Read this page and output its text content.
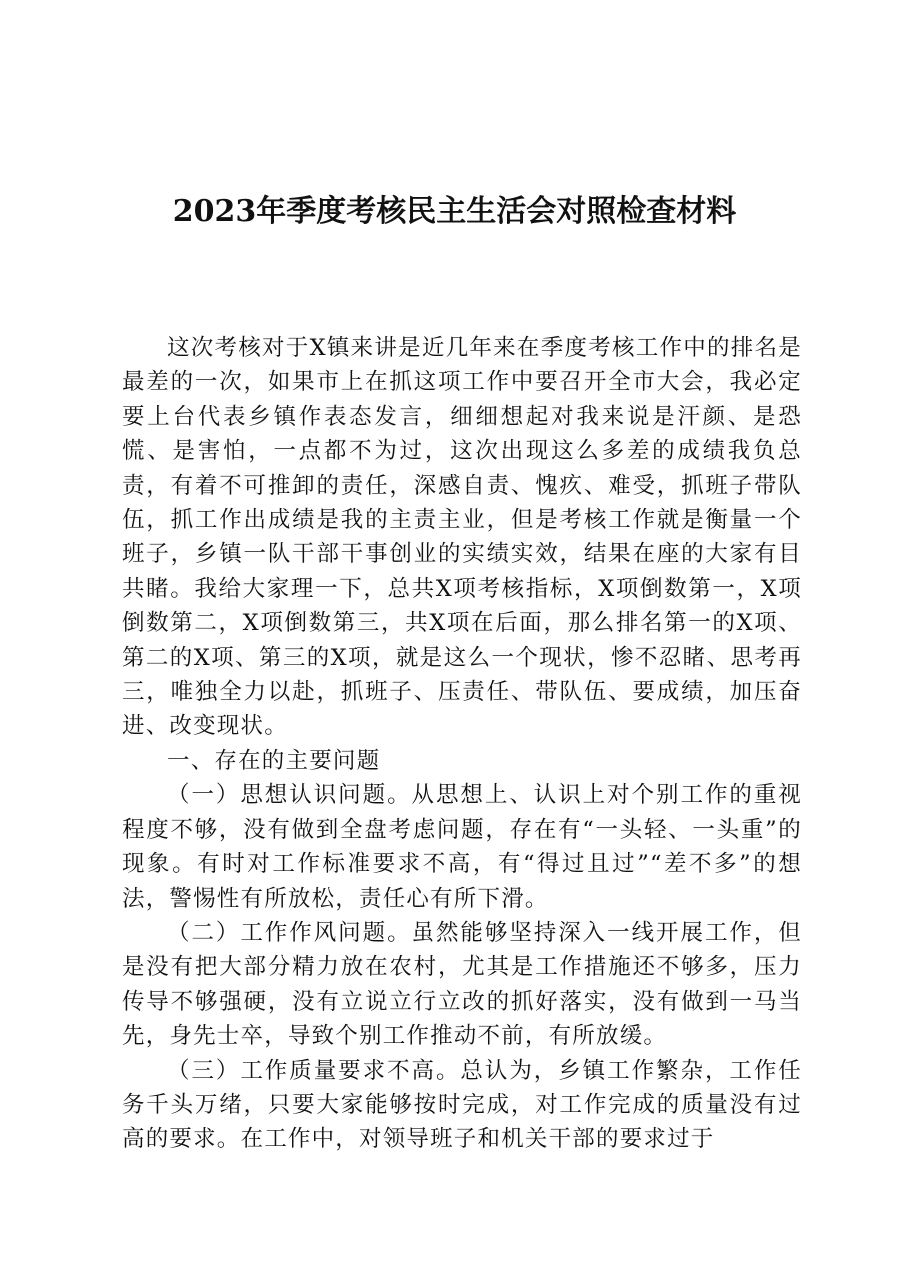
2023年季度考核民主生活会对照检查材料

这次考核对于X镇来讲是近几年来在季度考核工作中的排名是最差的一次，如果市上在抓这项工作中要召开全市大会，我必定要上台代表乡镇作表态发言，细细想起对我来说是汗颜、是恐慌、是害怕，一点都不为过，这次出现这么多差的成绩我负总责，有着不可推卸的责任，深感自责、愧疚、难受，抓班子带队伍，抓工作出成绩是我的主责主业，但是考核工作就是衡量一个班子，乡镇一队干部干事创业的实绩实效，结果在座的大家有目共睹。我给大家理一下，总共X项考核指标，X项倒数第一，X项倒数第二，X项倒数第三，共X项在后面，那么排名第一的X项、第二的X项、第三的X项，就是这么一个现状，惨不忍睹、思考再三，唯独全力以赴，抓班子、压责任、带队伍、要成绩，加压奋进、改变现状。

一、存在的主要问题

（一）思想认识问题。从思想上、认识上对个别工作的重视程度不够，没有做到全盘考虑问题，存在有“一头轻、一头重”的现象。有时对工作标准要求不高，有“得过且过”“差不多”的想法，警惕性有所放松，责任心有所下滑。

（二）工作作风问题。虽然能够坚持深入一线开展工作，但是没有把大部分精力放在农村，尤其是工作措施还不够多，压力传导不够强硬，没有立说立行立改的抓好落实，没有做到一马当先，身先士卒，导致个别工作推动不前，有所放缓。

（三）工作质量要求不高。总认为，乡镇工作繁杂，工作任务千头万绪，只要大家能够按时完成，对工作完成的质量没有过高的要求。在工作中，对领导班子和机关干部的要求过于
